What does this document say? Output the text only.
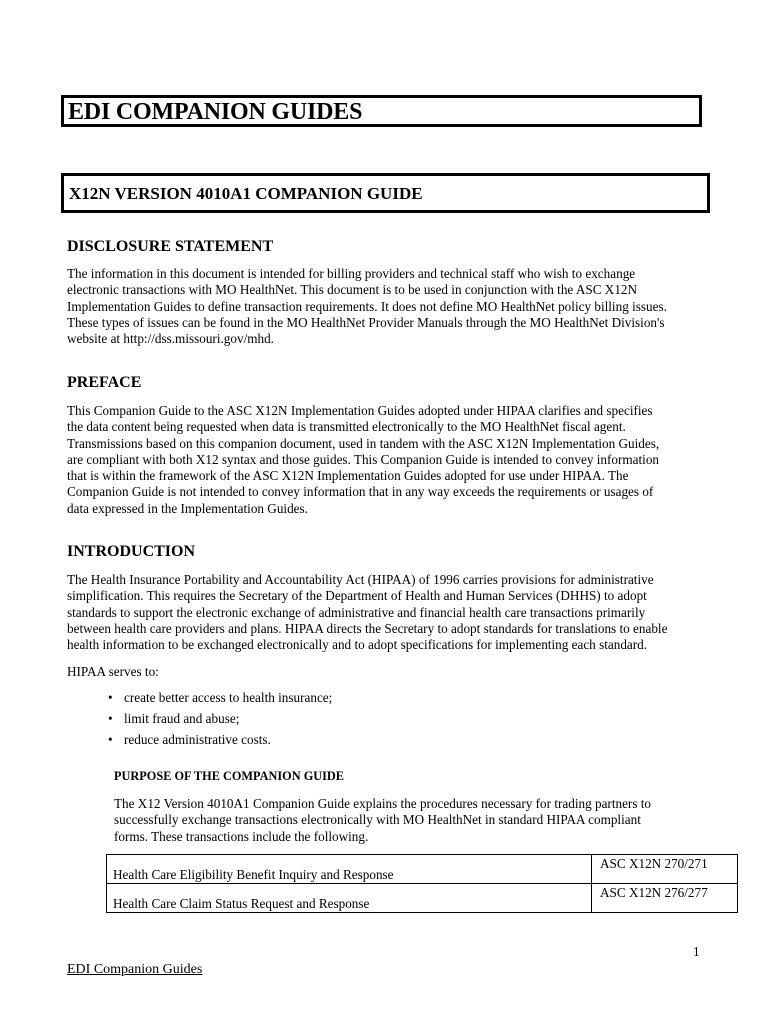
EDI COMPANION GUIDES
X12N VERSION 4010A1 COMPANION GUIDE
DISCLOSURE STATEMENT
The information in this document is intended for billing providers and technical staff who wish to exchange
electronic transactions with MO HealthNet. This document is to be used in conjunction with the ASC X12N
Implementation Guides to define transaction requirements. It does not define MO HealthNet policy billing issues.
These types of issues can be found in the MO HealthNet Provider Manuals through the MO HealthNet Division's
website at http://dss.missouri.gov/mhd.
PREFACE
This Companion Guide to the ASC X12N Implementation Guides adopted under HIPAA clarifies and specifies
the data content being requested when data is transmitted electronically to the MO HealthNet fiscal agent.
Transmissions based on this companion document, used in tandem with the ASC X12N Implementation Guides,
are compliant with both X12 syntax and those guides. This Companion Guide is intended to convey information
that is within the framework of the ASC X12N Implementation Guides adopted for use under HIPAA. The
Companion Guide is not intended to convey information that in any way exceeds the requirements or usages of
data expressed in the Implementation Guides.
INTRODUCTION
The Health Insurance Portability and Accountability Act (HIPAA) of 1996 carries provisions for administrative
simplification. This requires the Secretary of the Department of Health and Human Services (DHHS) to adopt
standards to support the electronic exchange of administrative and financial health care transactions primarily
between health care providers and plans. HIPAA directs the Secretary to adopt standards for translations to enable
health information to be exchanged electronically and to adopt specifications for implementing each standard.
HIPAA serves to:
• create better access to health insurance;
• limit fraud and abuse;
• reduce administrative costs.
PURPOSE OF THE COMPANION GUIDE
The X12 Version 4010A1 Companion Guide explains the procedures necessary for trading partners to
successfully exchange transactions electronically with MO HealthNet in standard HIPAA compliant
forms. These transactions include the following.
Health Care Eligibility Benefit Inquiry and Response	ASC X12N 270/271
Health Care Claim Status Request and Response	ASC X12N 276/277
1
EDI Companion Guides
